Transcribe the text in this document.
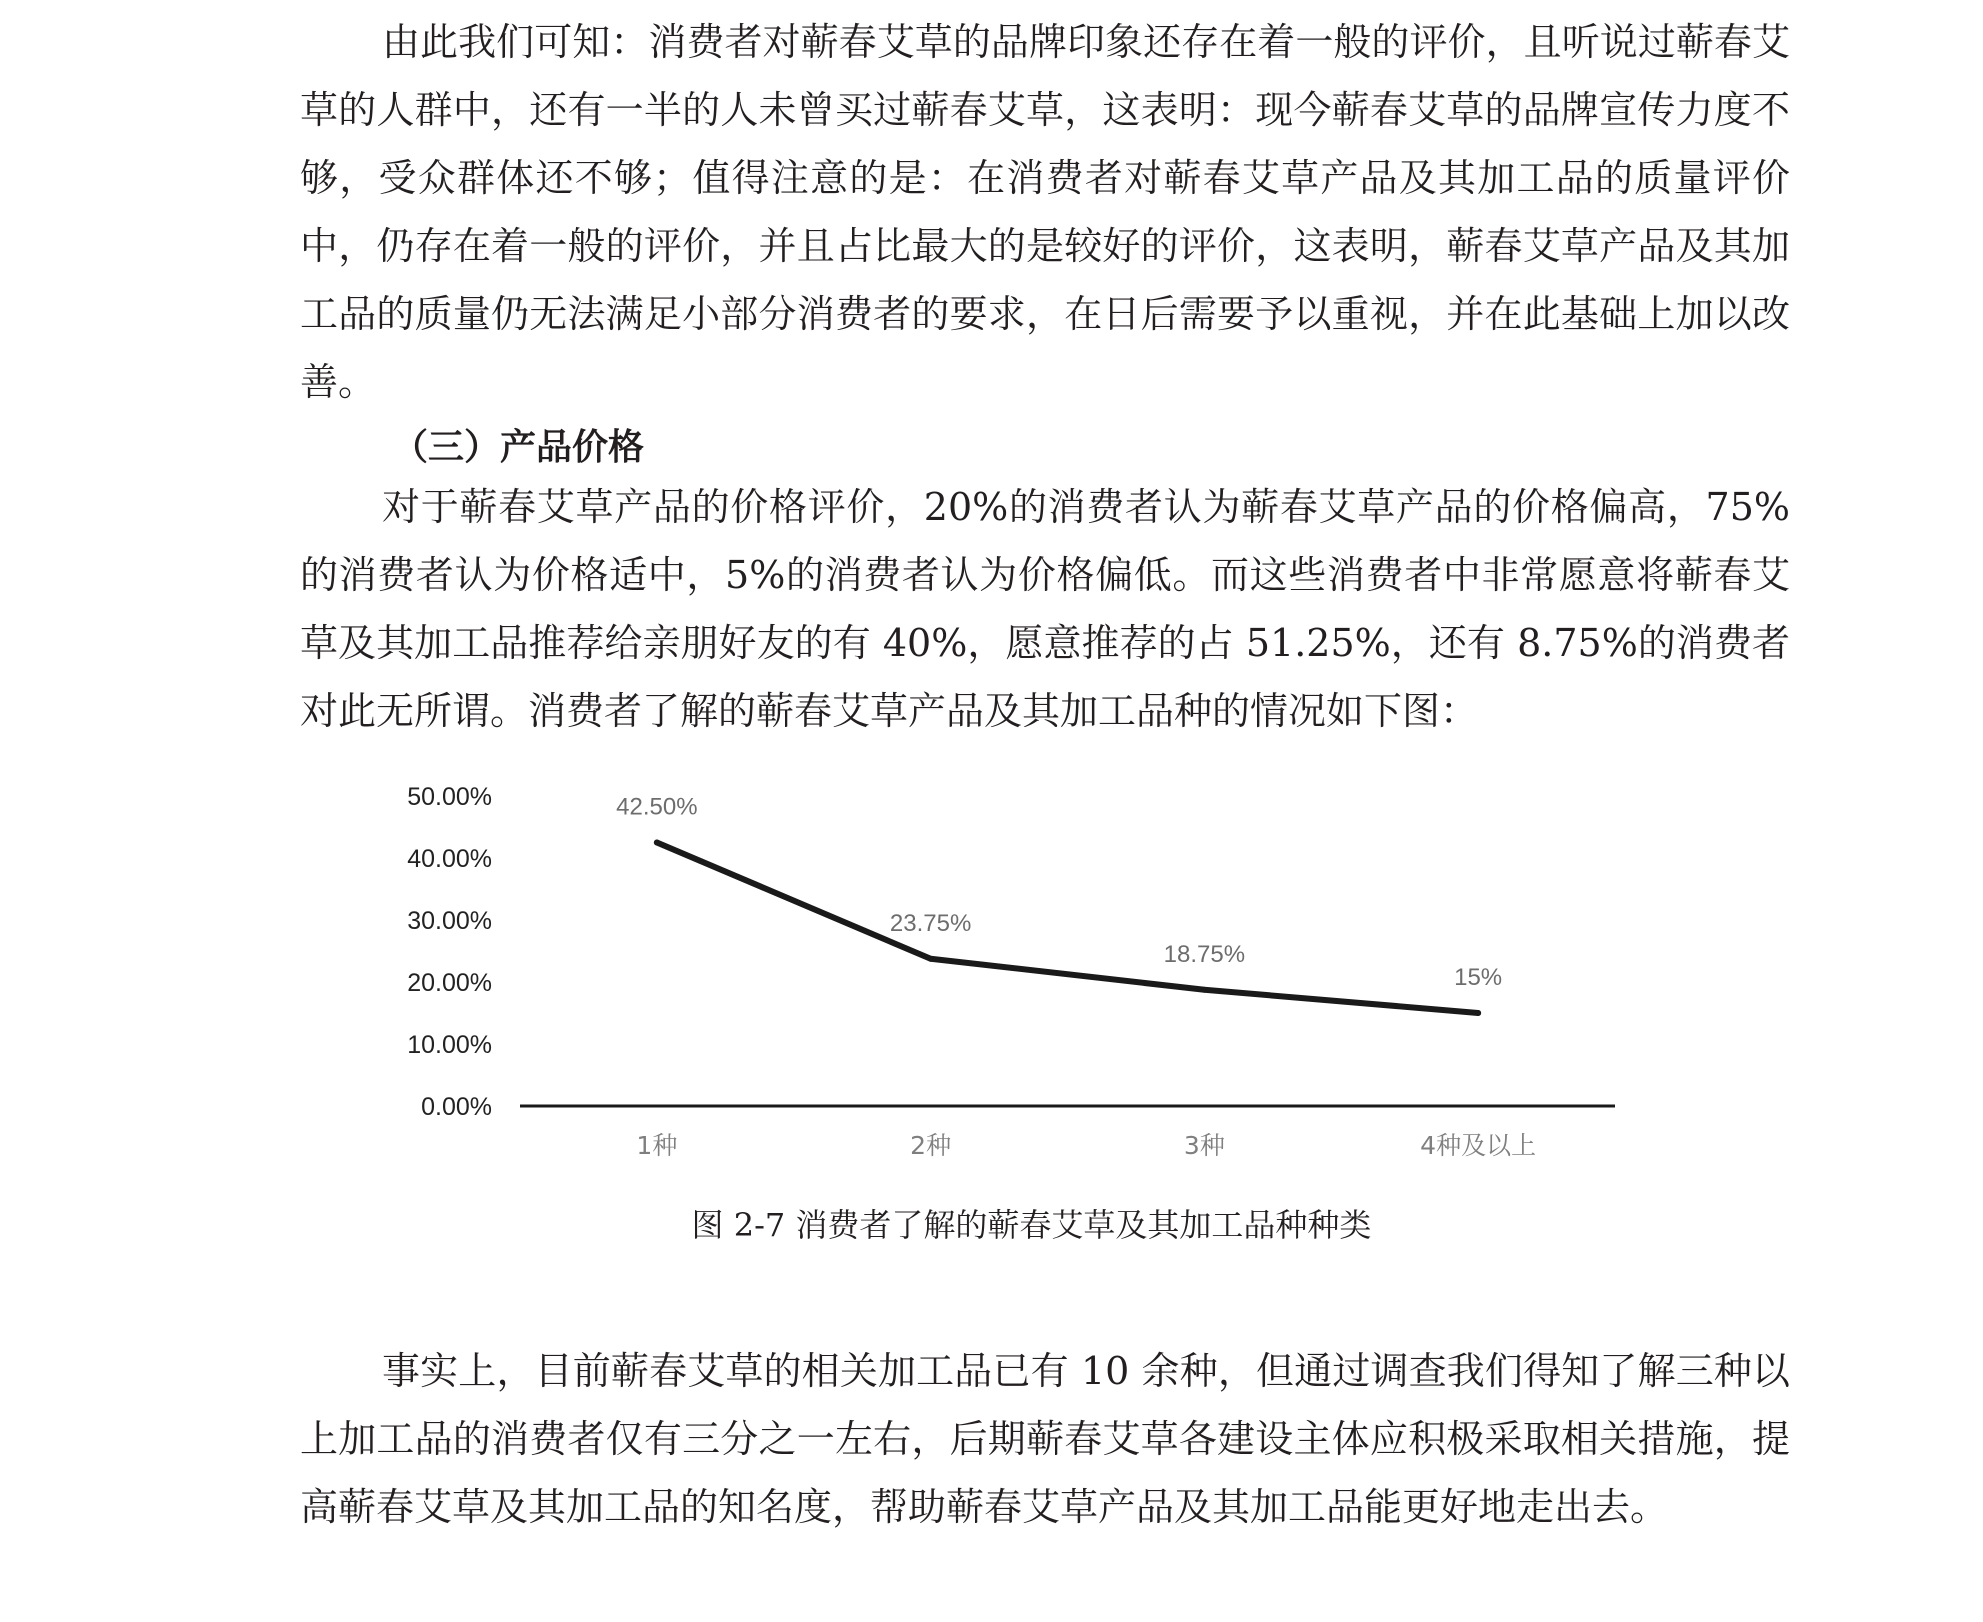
由此我们可知：消费者对蕲春艾草的品牌印象还存在着一般的评价，且听说过蕲春艾草的人群中，还有一半的人未曾买过蕲春艾草，这表明：现今蕲春艾草的品牌宣传力度不够，受众群体还不够；值得注意的是：在消费者对蕲春艾草产品及其加工品的质量评价中，仍存在着一般的评价，并且占比最大的是较好的评价，这表明，蕲春艾草产品及其加工品的质量仍无法满足小部分消费者的要求，在日后需要予以重视，并在此基础上加以改善。

（三）产品价格

对于蕲春艾草产品的价格评价，20%的消费者认为蕲春艾草产品的价格偏高，75%的消费者认为价格适中，5%的消费者认为价格偏低。而这些消费者中非常愿意将蕲春艾草及其加工品推荐给亲朋好友的有 40%，愿意推荐的占 51.25%，还有 8.75%的消费者对此无所谓。消费者了解的蕲春艾草产品及其加工品种的情况如下图：

0.00%
10.00%
20.00%
30.00%
40.00%
50.00%
1种	2种	3种	4种及以上
42.50%
23.75%
18.75%
15%

图 2-7 消费者了解的蕲春艾草及其加工品种种类

事实上，目前蕲春艾草的相关加工品已有 10 余种，但通过调查我们得知了解三种以上加工品的消费者仅有三分之一左右，后期蕲春艾草各建设主体应积极采取相关措施，提高蕲春艾草及其加工品的知名度，帮助蕲春艾草产品及其加工品能更好地走出去。
